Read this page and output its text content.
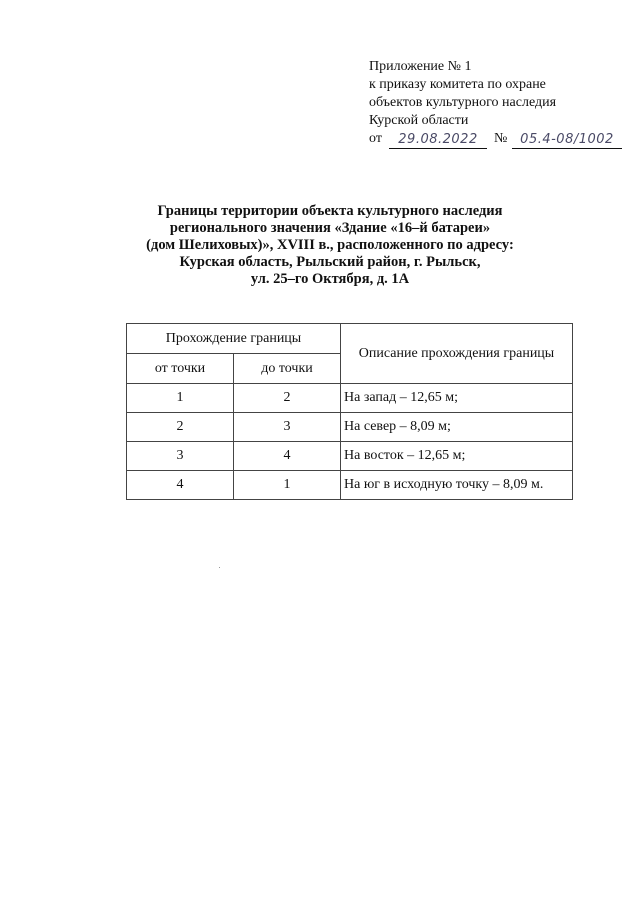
Приложение № 1
к приказу комитета по охране
объектов культурного наследия
Курской области
от	29.08.2022	№ 05.4-08/1002
Границы территории объекта культурного наследия
регионального значения «Здание «16–й батареи»
(дом Шелиховых)», XVIII в., расположенного по адресу:
Курская область, Рыльский район, г. Рыльск,
ул. 25–го Октября, д. 1А
Прохождение границы		Описание прохождения границы
от точки	до точки	
1	2	На запад – 12,65 м;
2	3	На север – 8,09 м;
3	4	На восток – 12,65 м;
4	1	На юг в исходную точку – 8,09 м.
